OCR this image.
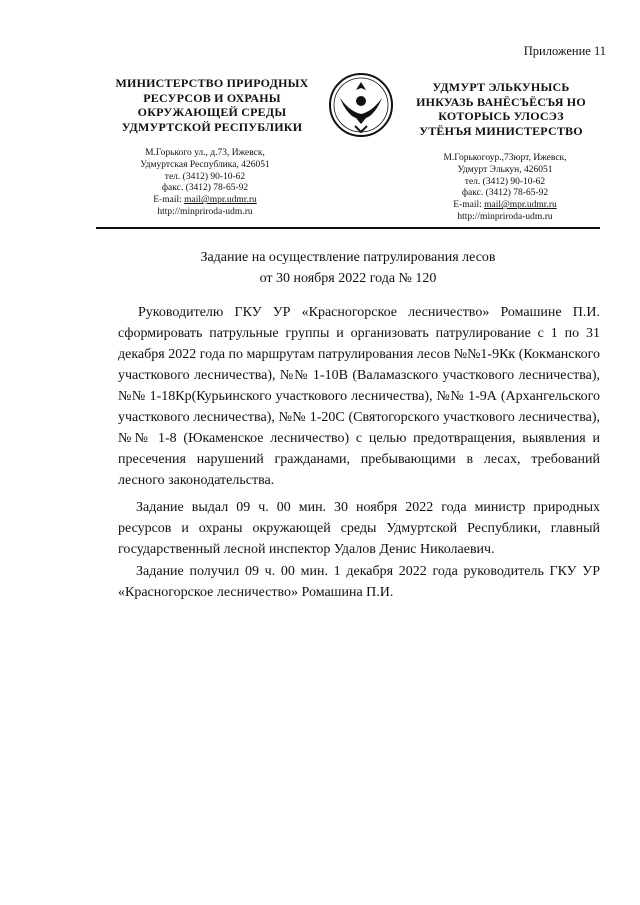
Приложение 11
МИНИСТЕРСТВО ПРИРОДНЫХ
РЕСУРСОВ И ОХРАНЫ
ОКРУЖАЮЩЕЙ СРЕДЫ
УДМУРТСКОЙ РЕСПУБЛИКИ
УДМУРТ ЭЛЬКУНЫСЬ
ИНКУАЗЬ ВАНЁСЪЁСЪЯ НО
КОТОРЫСЬ УЛОСЭЗ
УТЁНЪЯ МИНИСТЕРСТВО
М.Горького ул., д.73, Ижевск,
Удмуртская Республика, 426051
тел. (3412) 90-10-62
факс. (3412) 78-65-92
E-mail: mail@mpr.udmr.ru
http://minpriroda-udm.ru
М.Горькогоур.,73юрт, Ижевск,
Удмурт Элькун, 426051
тел. (3412) 90-10-62
факс. (3412) 78-65-92
E-mail: mail@mpr.udmr.ru
http://minpriroda-udm.ru
Задание на осуществление патрулирования лесов
от 30 ноября 2022 года № 120
Руководителю ГКУ УР «Красногорское лесничество» Ромашине П.И. сформировать патрульные группы и организовать патрулирование с 1 по 31 декабря 2022 года по маршрутам патрулирования лесов №№1-9Кк (Кокманского участкового лесничества), №№ 1-10В (Валамазского участкового лесничества), №№ 1-18Кр(Курьинского участкового лесничества), №№ 1-9А (Архангельского участкового лесничества), №№ 1-20С (Святогорского участкового лесничества), №№ 1-8 (Юкаменское лесничество) с целью предотвращения, выявления и пресечения нарушений гражданами, пребывающими в лесах, требований лесного законодательства.
Задание выдал 09 ч. 00 мин. 30 ноября 2022 года министр природных ресурсов и охраны окружающей среды Удмуртской Республики, главный государственный лесной инспектор Удалов Денис Николаевич.
Задание получил 09 ч. 00 мин. 1 декабря 2022 года руководитель ГКУ УР «Красногорское лесничество» Ромашина П.И.
